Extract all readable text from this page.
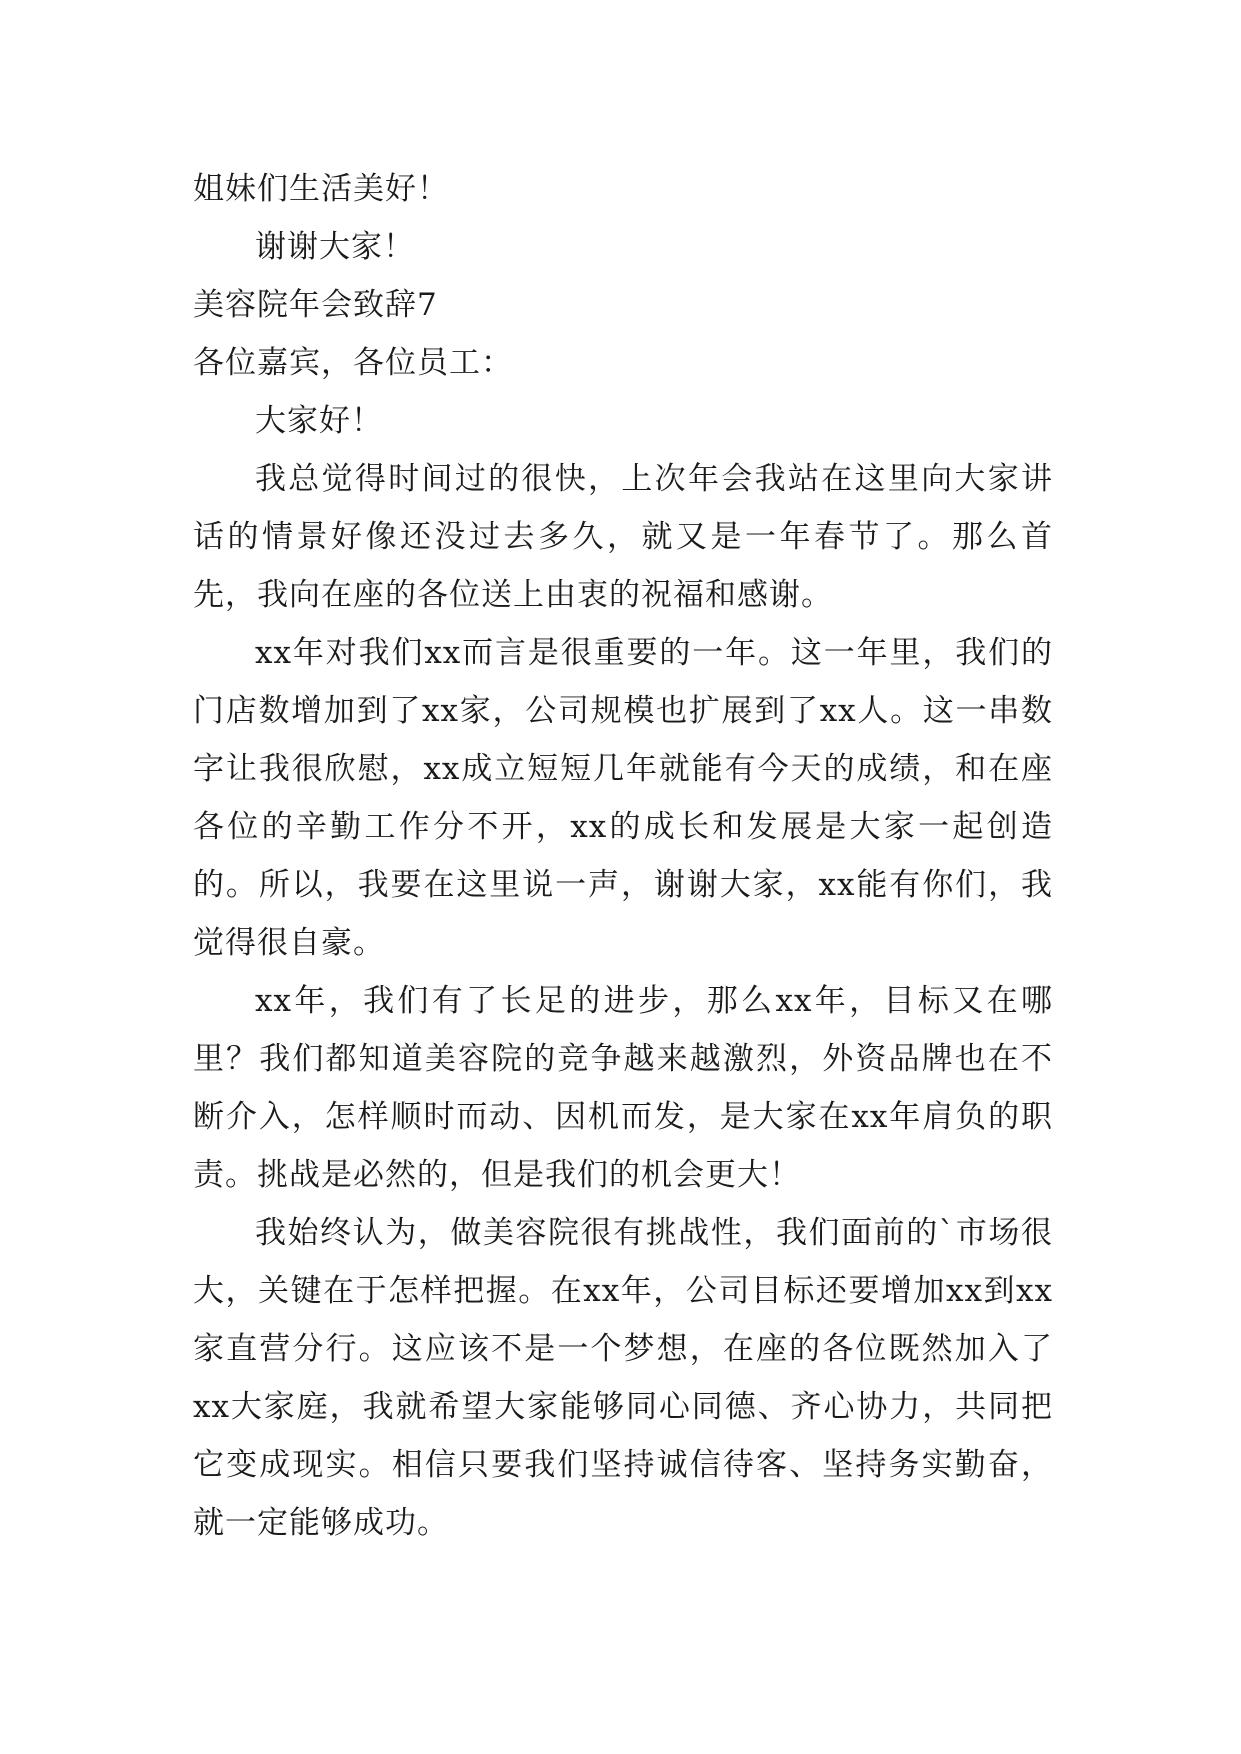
姐妹们生活美好！
谢谢大家！
美容院年会致辞7
各位嘉宾，各位员工：
大家好！
我总觉得时间过的很快，上次年会我站在这里向大家讲话的情景好像还没过去多久，就又是一年春节了。那么首先，我向在座的各位送上由衷的祝福和感谢。
xx年对我们xx而言是很重要的一年。这一年里，我们的门店数增加到了xx家，公司规模也扩展到了xx人。这一串数字让我很欣慰，xx成立短短几年就能有今天的成绩，和在座各位的辛勤工作分不开，xx的成长和发展是大家一起创造的。所以，我要在这里说一声，谢谢大家，xx能有你们，我觉得很自豪。
xx年，我们有了长足的进步，那么xx年，目标又在哪里？我们都知道美容院的竞争越来越激烈，外资品牌也在不断介入，怎样顺时而动、因机而发，是大家在xx年肩负的职责。挑战是必然的，但是我们的机会更大！
我始终认为，做美容院很有挑战性，我们面前的`市场很大，关键在于怎样把握。在xx年，公司目标还要增加xx到xx家直营分行。这应该不是一个梦想，在座的各位既然加入了xx大家庭，我就希望大家能够同心同德、齐心协力，共同把它变成现实。相信只要我们坚持诚信待客、坚持务实勤奋，就一定能够成功。
